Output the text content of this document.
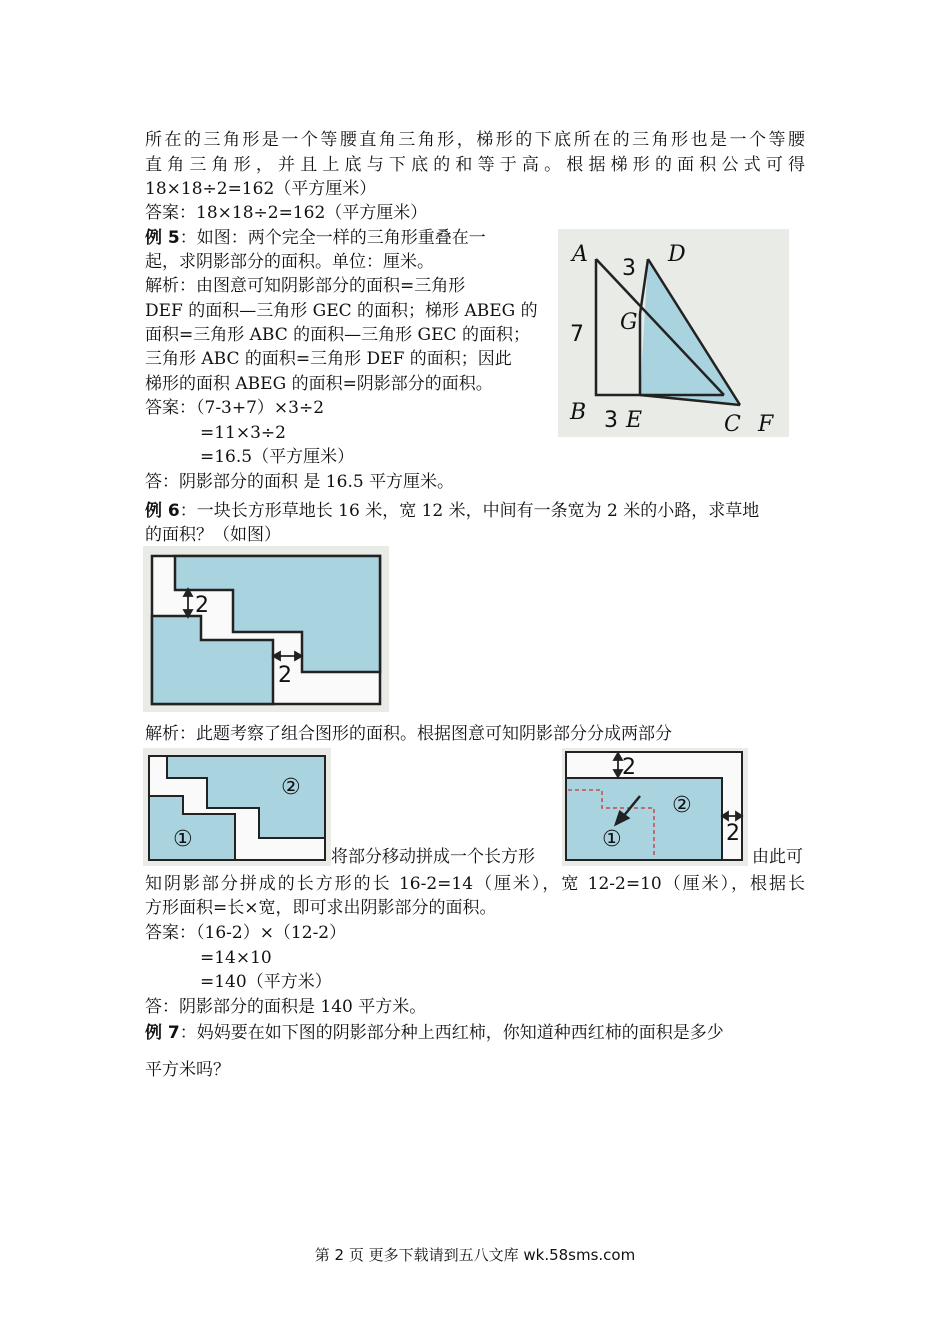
所在的三角形是一个等腰直角三角形，梯形的下底所在的三角形也是一个等腰
直角三角形，并且上底与下底的和等于高。根据梯形的面积公式可得
18×18÷2=162（平方厘米）
答案：18×18÷2=162（平方厘米）
例 5：如图：两个完全一样的三角形重叠在一
起，求阴影部分的面积。单位：厘米。
解析：由图意可知阴影部分的面积=三角形
DEF 的面积—三角形 GEC 的面积；梯形 ABEG 的
面积=三角形 ABC 的面积—三角形 GEC 的面积；
三角形 ABC 的面积=三角形 DEF 的面积；因此
梯形的面积 ABEG 的面积=阴影部分的面积。
答案：（7-3+7）×3÷2
=11×3÷2
=16.5（平方厘米）
答：阴影部分的面积 是 16.5 平方厘米。
A	D
3
G
7
B 3 E	C F
例 6：一块长方形草地长 16 米，宽 12 米，中间有一条宽为 2 米的小路，求草地
的面积？（如图）
2
2
解析：此题考察了组合图形的面积。根据图意可知阴影部分分成两部分
①
②
将部分移动拼成一个长方形
2
2
①
②
由此可
知阴影部分拼成的长方形的长 16-2=14（厘米），宽 12-2=10（厘米），根据长
方形面积=长×宽，即可求出阴影部分的面积。
答案：（16-2）×（12-2）
=14×10
=140（平方米）
答：阴影部分的面积是 140 平方米。
例 7：妈妈要在如下图的阴影部分种上西红柿，你知道种西红柿的面积是多少
平方米吗？
第 2 页 更多下载请到五八文库 wk.58sms.com
